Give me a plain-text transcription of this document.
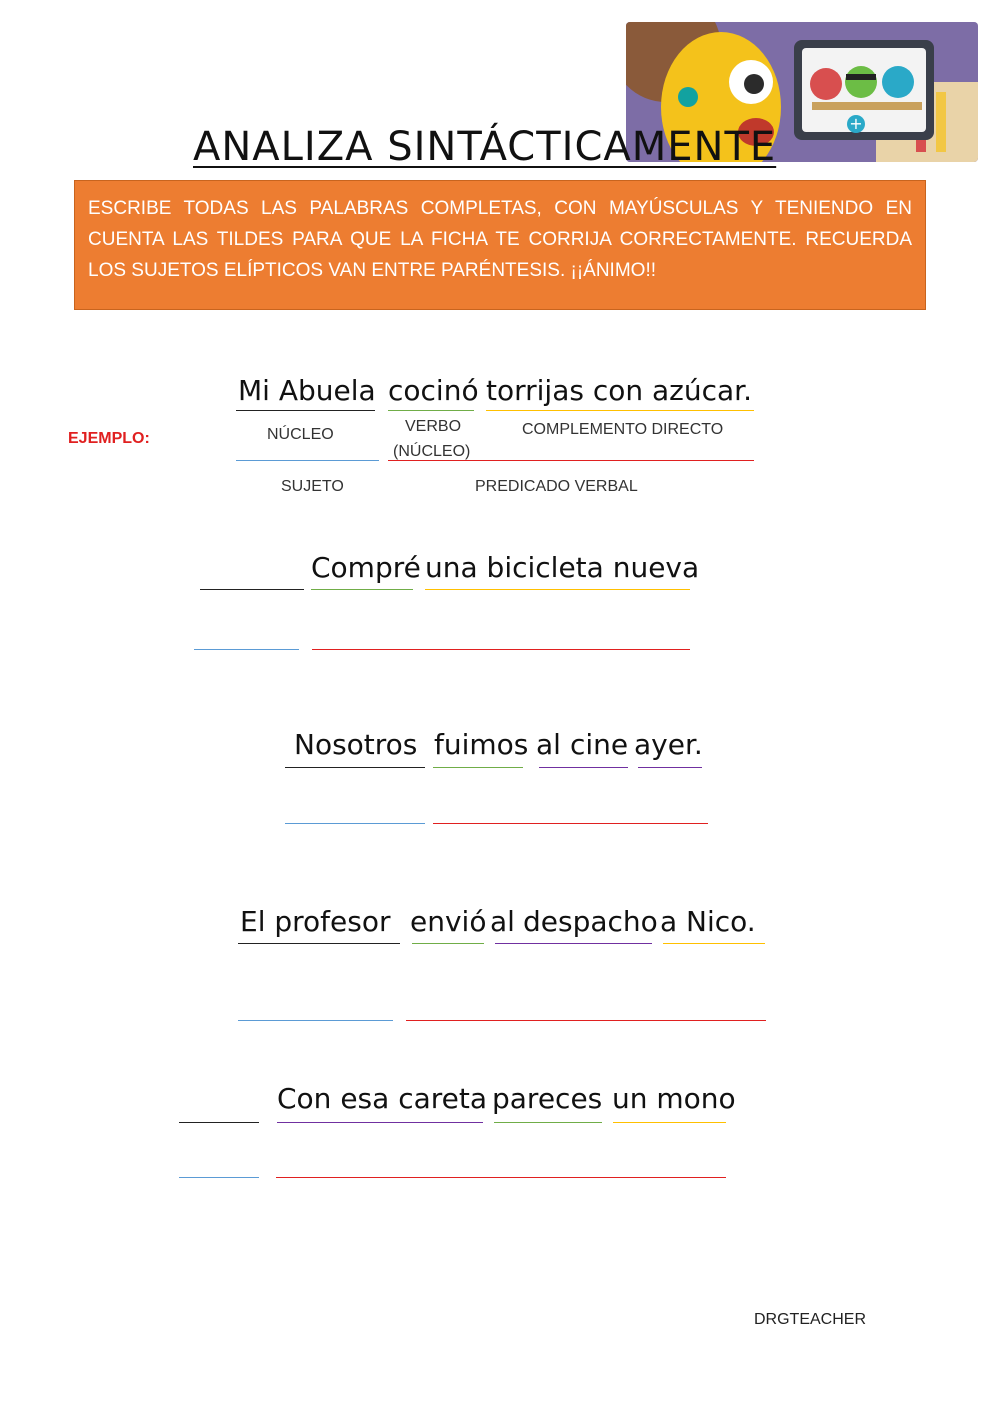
+
ANALIZA SINTÁCTICAMENTE
ESCRIBE TODAS LAS PALABRAS COMPLETAS, CON MAYÚSCULAS Y TENIENDO EN CUENTA LAS TILDES PARA QUE LA FICHA TE CORRIJA CORRECTAMENTE. RECUERDA LOS SUJETOS ELÍPTICOS VAN ENTRE PARÉNTESIS. ¡¡ÁNIMO!!
EJEMPLO:
Mi Abuela cocinó torrijas con azúcar.
NÚCLEO	VERBO
(NÚCLEO)
COMPLEMENTO DIRECTO
SUJETO	PREDICADO VERBAL
Compré una bicicleta nueva
Nosotros fuimos al cine ayer.
El profesor envió al despacho a Nico.
Con esa careta pareces un mono
DRGTEACHER
